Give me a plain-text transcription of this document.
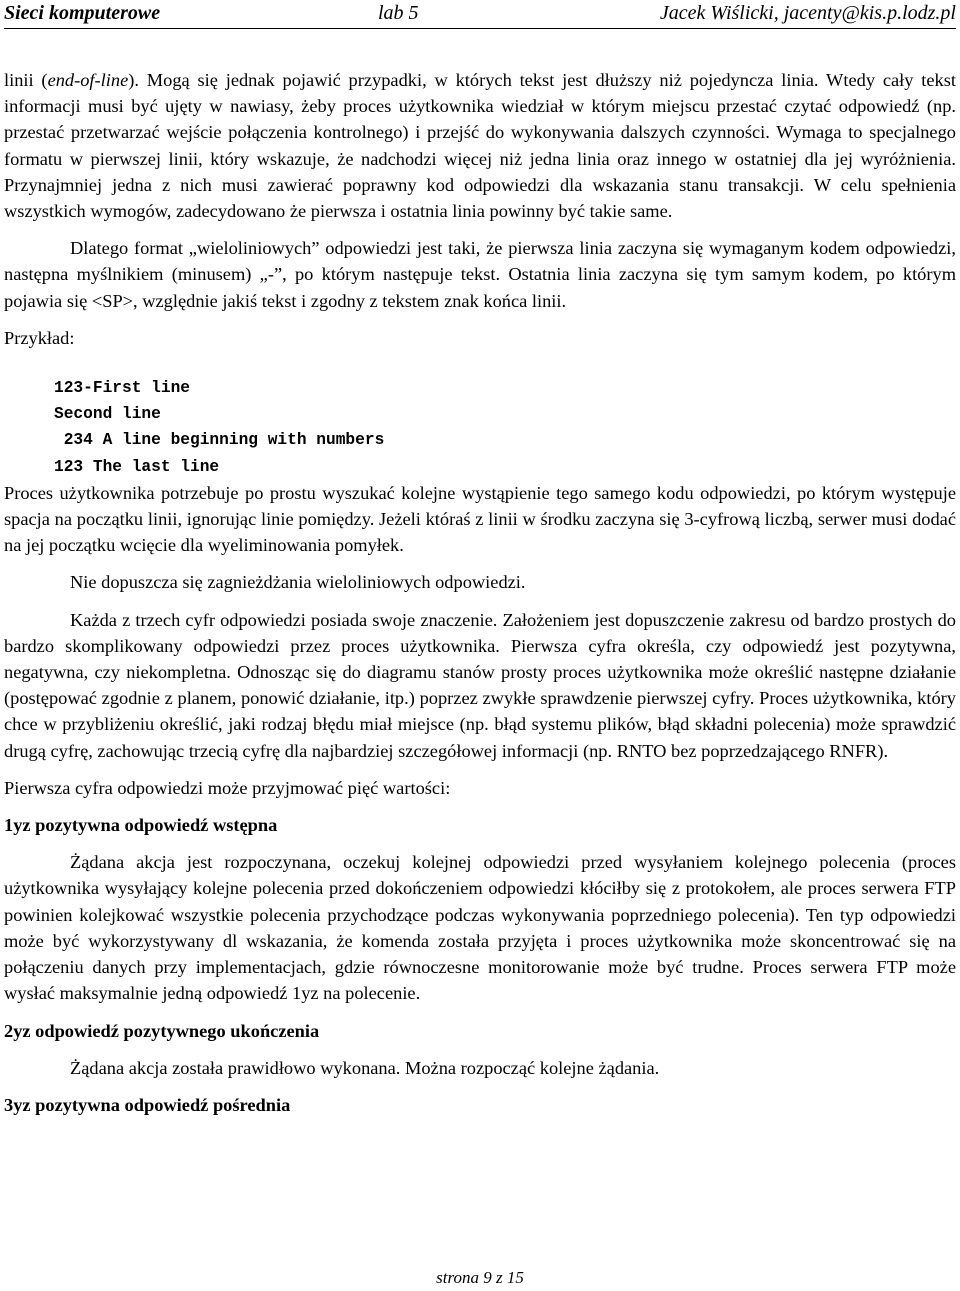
Sieci komputerowe	lab 5	Jacek Wiślicki, jacenty@kis.p.lodz.pl

linii (end-of-line). Mogą się jednak pojawić przypadki, w których tekst jest dłuższy niż pojedyncza linia. Wtedy cały tekst informacji musi być ujęty w nawiasy, żeby proces użytkownika wiedział w którym miejscu przestać czytać odpowiedź (np. przestać przetwarzać wejście połączenia kontrolnego) i przejść do wykonywania dalszych czynności. Wymaga to specjalnego formatu w pierwszej linii, który wskazuje, że nadchodzi więcej niż jedna linia oraz innego w ostatniej dla jej wyróżnienia. Przynajmniej jedna z nich musi zawierać poprawny kod odpowiedzi dla wskazania stanu transakcji. W celu spełnienia wszystkich wymogów, zadecydowano że pierwsza i ostatnia linia powinny być takie same.

Dlatego format „wieloliniowych” odpowiedzi jest taki, że pierwsza linia zaczyna się wymaganym kodem odpowiedzi, następna myślnikiem (minusem) „-”, po którym następuje tekst. Ostatnia linia zaczyna się tym samym kodem, po którym pojawia się <SP>, względnie jakiś tekst i zgodny z tekstem znak końca linii.

Przykład:

123-First line
Second line
234 A line beginning with numbers
123 The last line

Proces użytkownika potrzebuje po prostu wyszukać kolejne wystąpienie tego samego kodu odpowiedzi, po którym występuje spacja na początku linii, ignorując linie pomiędzy. Jeżeli któraś z linii w środku zaczyna się 3-cyfrową liczbą, serwer musi dodać na jej początku wcięcie dla wyeliminowania pomyłek.

Nie dopuszcza się zagnieżdżania wieloliniowych odpowiedzi.

Każda z trzech cyfr odpowiedzi posiada swoje znaczenie. Założeniem jest dopuszczenie zakresu od bardzo prostych do bardzo skomplikowany odpowiedzi przez proces użytkownika. Pierwsza cyfra określa, czy odpowiedź jest pozytywna, negatywna, czy niekompletna. Odnosząc się do diagramu stanów prosty proces użytkownika może określić następne działanie (postępować zgodnie z planem, ponowić działanie, itp.) poprzez zwykłe sprawdzenie pierwszej cyfry. Proces użytkownika, który chce w przybliżeniu określić, jaki rodzaj błędu miał miejsce (np. błąd systemu plików, błąd składni polecenia) może sprawdzić drugą cyfrę, zachowując trzecią cyfrę dla najbardziej szczegółowej informacji (np. RNTO bez poprzedzającego RNFR).

Pierwsza cyfra odpowiedzi może przyjmować pięć wartości:

1yz pozytywna odpowiedź wstępna

Żądana akcja jest rozpoczynana, oczekuj kolejnej odpowiedzi przed wysyłaniem kolejnego polecenia (proces użytkownika wysyłający kolejne polecenia przed dokończeniem odpowiedzi kłóciłby się z protokołem, ale proces serwera FTP powinien kolejkować wszystkie polecenia przychodzące podczas wykonywania poprzedniego polecenia). Ten typ odpowiedzi może być wykorzystywany dl wskazania, że komenda została przyjęta i proces użytkownika może skoncentrować się na połączeniu danych przy implementacjach, gdzie równoczesne monitorowanie może być trudne. Proces serwera FTP może wysłać maksymalnie jedną odpowiedź 1yz na polecenie.

2yz odpowiedź pozytywnego ukończenia

Żądana akcja została prawidłowo wykonana. Można rozpocząć kolejne żądania.

3yz pozytywna odpowiedź pośrednia
strona 9 z 15
